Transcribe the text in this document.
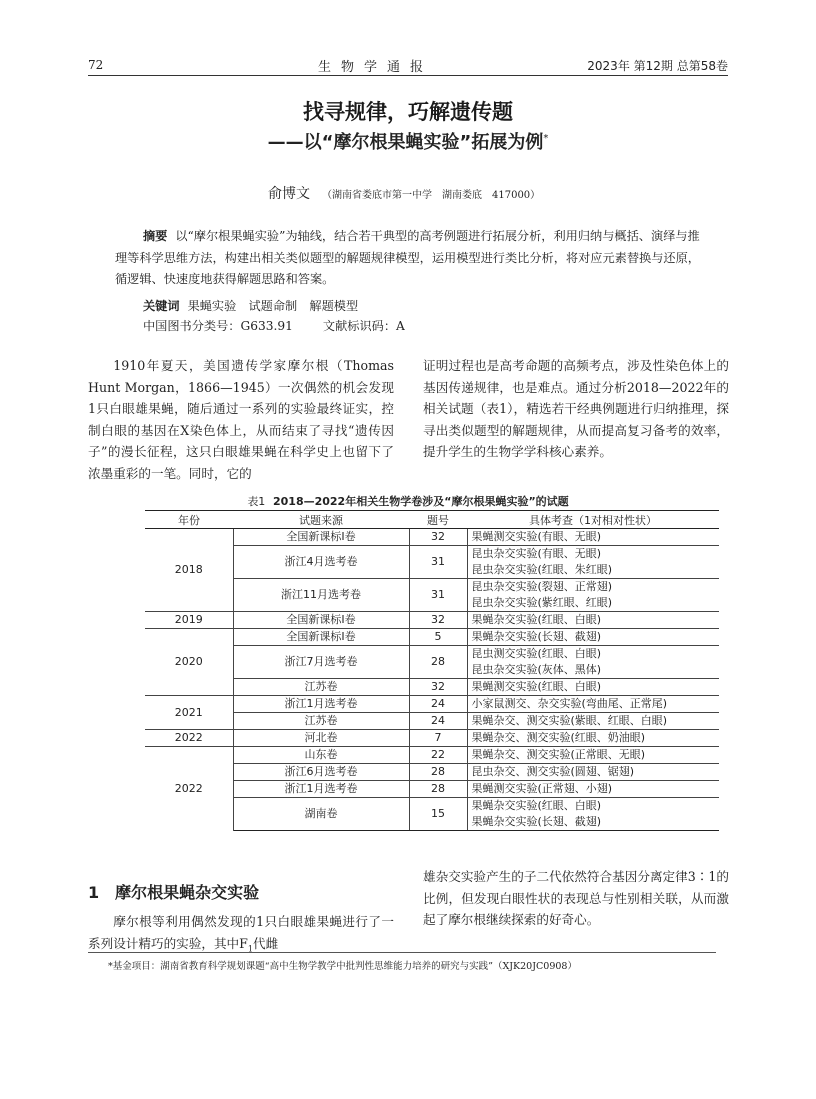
72	生物学通报	2023年 第12期 总第58卷
找寻规律，巧解遗传题
——以“摩尔根果蝇实验”拓展为例*
俞博文 （湖南省娄底市第一中学　湖南娄底　417000）
摘要 以“摩尔根果蝇实验”为轴线，结合若干典型的高考例题进行拓展分析，利用归纳与概括、演绎与推理等科学思维方法，构建出相关类似题型的解题规律模型，运用模型进行类比分析，将对应元素替换与还原，循逻辑、快速度地获得解题思路和答案。
关键词 果蝇实验　试题命制　解题模型
中国图书分类号：G633.91 文献标识码：A
1910年夏天，美国遗传学家摩尔根（Thomas Hunt Morgan，1866—1945）一次偶然的机会发现1只白眼雄果蝇，随后通过一系列的实验最终证实，控制白眼的基因在X染色体上，从而结束了寻找“遗传因子”的漫长征程，这只白眼雄果蝇在科学史上也留下了浓墨重彩的一笔。同时，它的
证明过程也是高考命题的高频考点，涉及性染色体上的基因传递规律，也是难点。通过分析2018—2022年的相关试题（表1），精选若干经典例题进行归纳推理，探寻出类似题型的解题规律，从而提高复习备考的效率，提升学生的生物学学科核心素养。
表1 2018—2022年相关生物学卷涉及“摩尔根果蝇实验”的试题
年份	试题来源	题号	具体考查（1对相对性状）
2018	全国新课标Ⅰ卷	32	果蝇测交实验(有眼、无眼)

	浙江4月选考卷	31	昆虫杂交实验(有眼、无眼)
昆虫杂交实验(红眼、朱红眼)

	浙江11月选考卷	31	昆虫杂交实验(裂翅、正常翅)
昆虫杂交实验(紫红眼、红眼)

2019	全国新课标Ⅰ卷	32	果蝇杂交实验(红眼、白眼)

2020	全国新课标Ⅰ卷	5	果蝇杂交实验(长翅、截翅)

	浙江7月选考卷	28	昆虫测交实验(红眼、白眼)
昆虫杂交实验(灰体、黑体)

	江苏卷	32	果蝇测交实验(红眼、白眼)

2021	浙江1月选考卷	24	小家鼠测交、杂交实验(弯曲尾、正常尾)

	江苏卷	24	果蝇杂交、测交实验(紫眼、红眼、白眼)

2022	河北卷	7	果蝇杂交、测交实验(红眼、奶油眼)

2022	山东卷	22	果蝇杂交、测交实验(正常眼、无眼)

	浙江6月选考卷	28	昆虫杂交、测交实验(圆翅、锯翅)

	浙江1月选考卷	28	果蝇测交实验(正常翅、小翅)

	湖南卷	15	果蝇杂交实验(红眼、白眼)
果蝇杂交实验(长翅、截翅)
1　摩尔根果蝇杂交实验
摩尔根等利用偶然发现的1只白眼雄果蝇进行了一系列设计精巧的实验，其中$F_1$代雌
雄杂交实验产生的子二代依然符合基因分离定律3∶1的比例，但发现白眼性状的表现总与性别相关联，从而激起了摩尔根继续探索的好奇心。
*基金项目：湖南省教育科学规划课题“高中生物学教学中批判性思维能力培养的研究与实践”（XJK20JC0908）
